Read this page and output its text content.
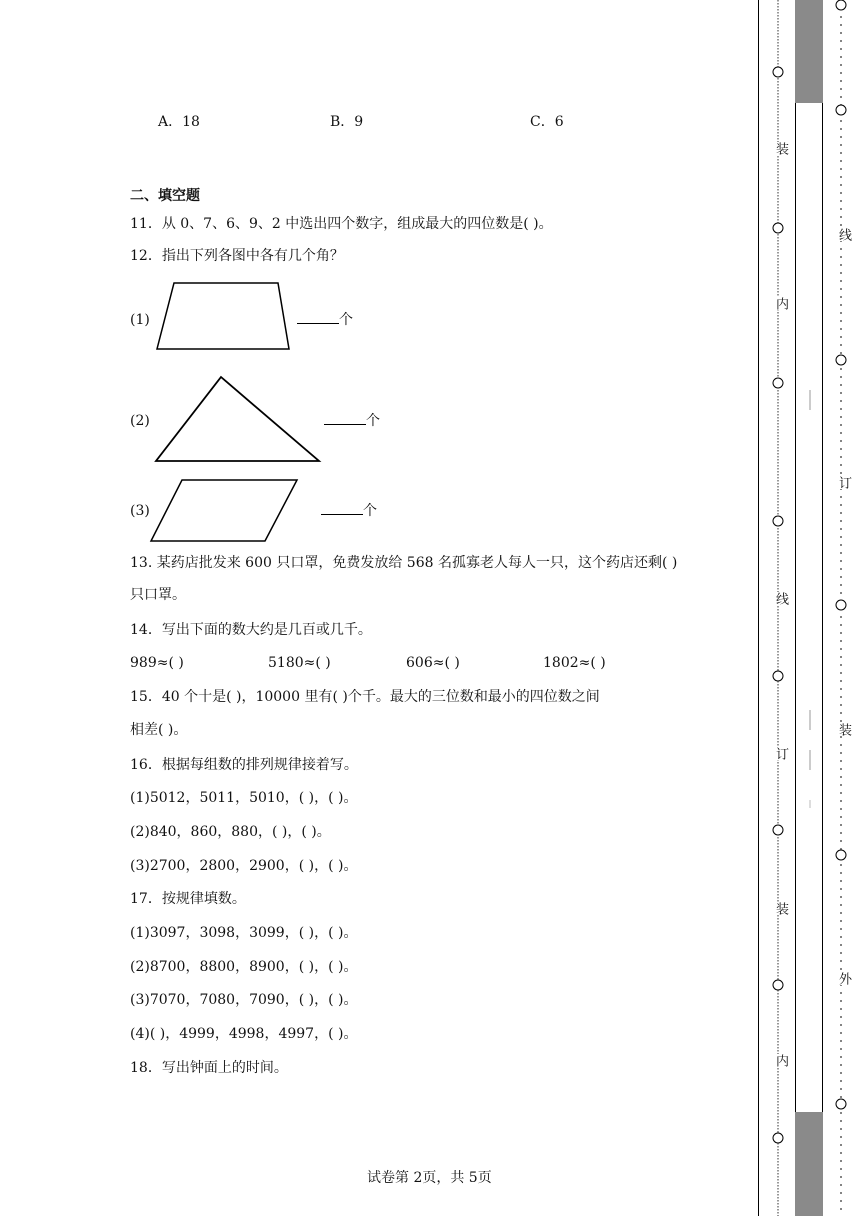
A．18	B．9	C．6
二、填空题
11．从 0、7、6、9、2 中选出四个数字，组成最大的四位数是( )。
12．指出下列各图中各有几个角？
(1)	个
(2)	个
(3)	个
13. 某药店批发来 600 只口罩，免费发放给 568 名孤寡老人每人一只，这个药店还剩( )
只口罩。
14．写出下面的数大约是几百或几千。
989≈( )	5180≈( )	606≈( )	1802≈( )
15．40 个十是( )，10000 里有( )个千。最大的三位数和最小的四位数之间
相差( )。
16．根据每组数的排列规律接着写。
(1)5012，5011，5010，( )，( )。
(2)840，860，880，( )，( )。
(3)2700，2800，2900，( )，( )。
17．按规律填数。
(1)3097，3098，3099，( )，( )。
(2)8700，8800，8900，( )，( )。
(3)7070，7080，7090，( )，( )。
(4)( )，4999，4998，4997，( )。
18．写出钟面上的时间。
试卷第 2页，共 5页
装
内
线
订
装
内
线
订
装
外
